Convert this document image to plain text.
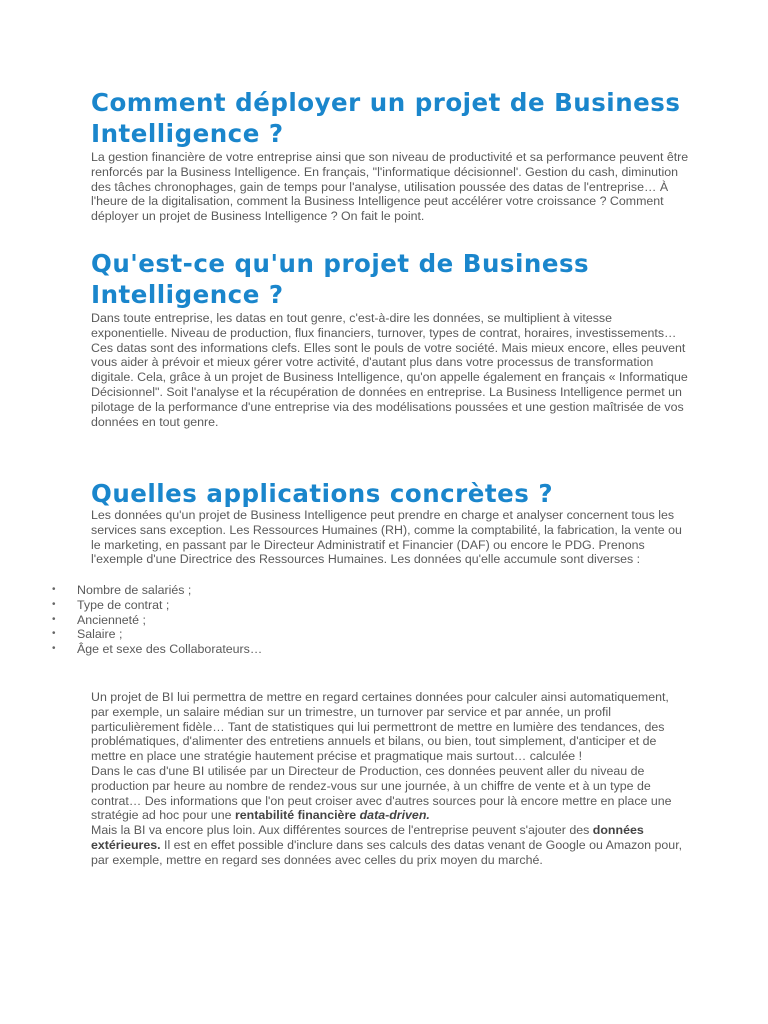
Comment déployer un projet de Business Intelligence ?

La gestion financière de votre entreprise ainsi que son niveau de productivité et sa performance peuvent être renforcés par la Business Intelligence. En français, "l'informatique décisionnel'. Gestion du cash, diminution des tâches chronophages, gain de temps pour l'analyse, utilisation poussée des datas de l'entreprise… À l'heure de la digitalisation, comment la Business Intelligence peut accélérer votre croissance ? Comment déployer un projet de Business Intelligence ? On fait le point.

Qu'est-ce qu'un projet de Business Intelligence ?

Dans toute entreprise, les datas en tout genre, c'est-à-dire les données, se multiplient à vitesse exponentielle. Niveau de production, flux financiers, turnover, types de contrat, horaires, investissements… Ces datas sont des informations clefs. Elles sont le pouls de votre société. Mais mieux encore, elles peuvent vous aider à prévoir et mieux gérer votre activité, d'autant plus dans votre processus de transformation digitale. Cela, grâce à un projet de Business Intelligence, qu'on appelle également en français « Informatique Décisionnel". Soit l'analyse et la récupération de données en entreprise. La Business Intelligence permet un pilotage de la performance d'une entreprise via des modélisations poussées et une gestion maîtrisée de vos données en tout genre.

Quelles applications concrètes ?

Les données qu'un projet de Business Intelligence peut prendre en charge et analyser concernent tous les services sans exception. Les Ressources Humaines (RH), comme la comptabilité, la fabrication, la vente ou le marketing, en passant par le Directeur Administratif et Financier (DAF) ou encore le PDG. Prenons l'exemple d'une Directrice des Ressources Humaines. Les données qu'elle accumule sont diverses :

• Nombre de salariés ;
• Type de contrat ;
• Ancienneté ;
• Salaire ;
• Âge et sexe des Collaborateurs…
Un projet de BI lui permettra de mettre en regard certaines données pour calculer ainsi automatiquement, par exemple, un salaire médian sur un trimestre, un turnover par service et par année, un profil particulièrement fidèle… Tant de statistiques qui lui permettront de mettre en lumière des tendances, des problématiques, d'alimenter des entretiens annuels et bilans, ou bien, tout simplement, d'anticiper et de mettre en place une stratégie hautement précise et pragmatique mais surtout… calculée !
Dans le cas d'une BI utilisée par un Directeur de Production, ces données peuvent aller du niveau de production par heure au nombre de rendez-vous sur une journée, à un chiffre de vente et à un type de contrat… Des informations que l'on peut croiser avec d'autres sources pour là encore mettre en place une stratégie ad hoc pour une rentabilité financière data-driven.
Mais la BI va encore plus loin. Aux différentes sources de l'entreprise peuvent s'ajouter des données extérieures. Il est en effet possible d'inclure dans ses calculs des datas venant de Google ou Amazon pour, par exemple, mettre en regard ses données avec celles du prix moyen du marché.
